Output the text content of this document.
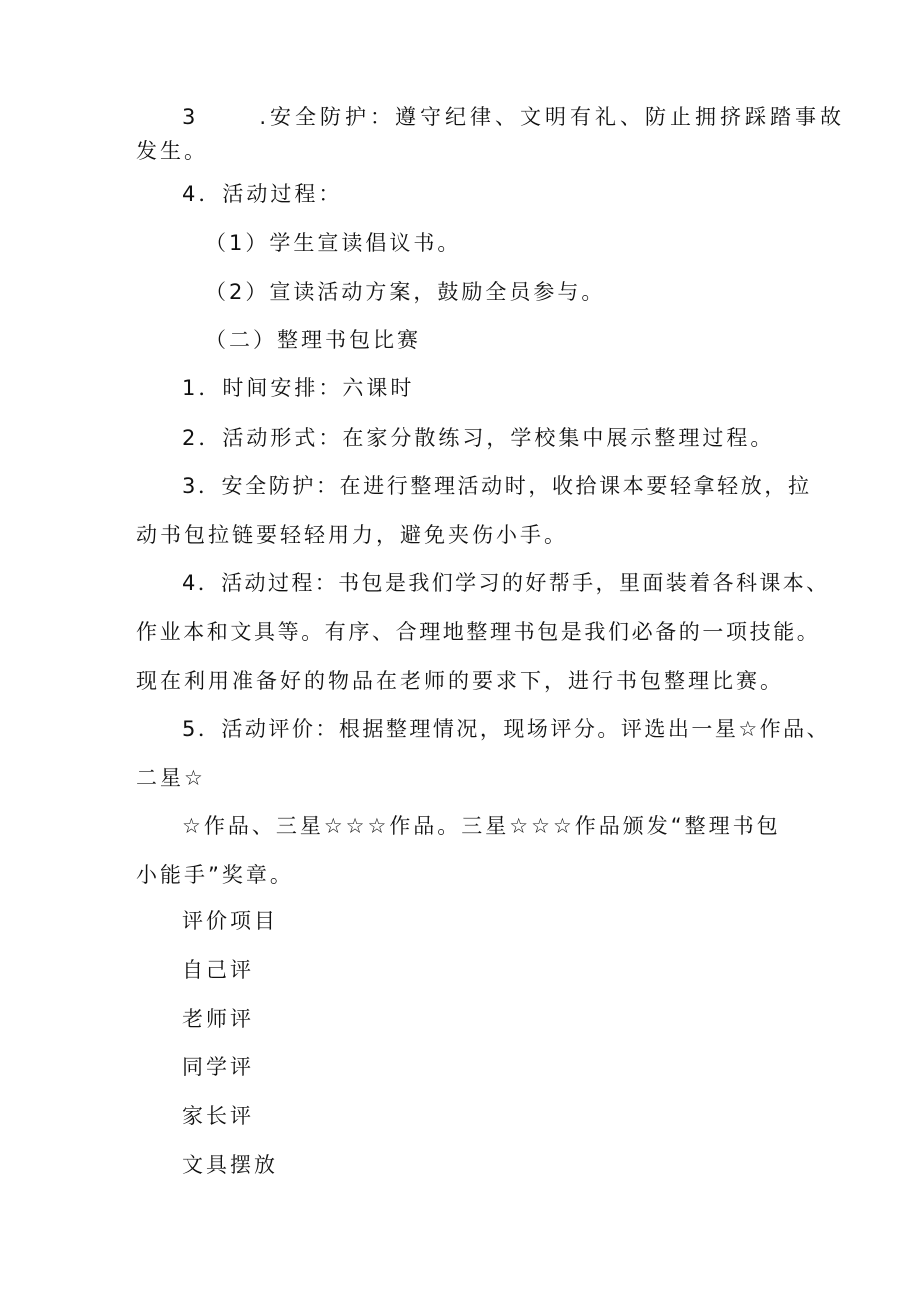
3	.安全防护：遵守纪律、文明有礼、防止拥挤踩踏事故
发生。
4．活动过程：
（1）学生宣读倡议书。
（2）宣读活动方案，鼓励全员参与。
（二）整理书包比赛
1．时间安排：六课时
2．活动形式：在家分散练习，学校集中展示整理过程。
3．安全防护：在进行整理活动时，收拾课本要轻拿轻放，拉
动书包拉链要轻轻用力，避免夹伤小手。
4．活动过程：书包是我们学习的好帮手，里面装着各科课本、
作业本和文具等。有序、合理地整理书包是我们必备的一项技能。
现在利用准备好的物品在老师的要求下，进行书包整理比赛。
5．活动评价：根据整理情况，现场评分。评选出一星☆作品、
二星☆
☆作品、三星☆☆☆作品。三星☆☆☆作品颁发“整理书包
小能手”奖章。
评价项目
自己评
老师评
同学评
家长评
文具摆放
